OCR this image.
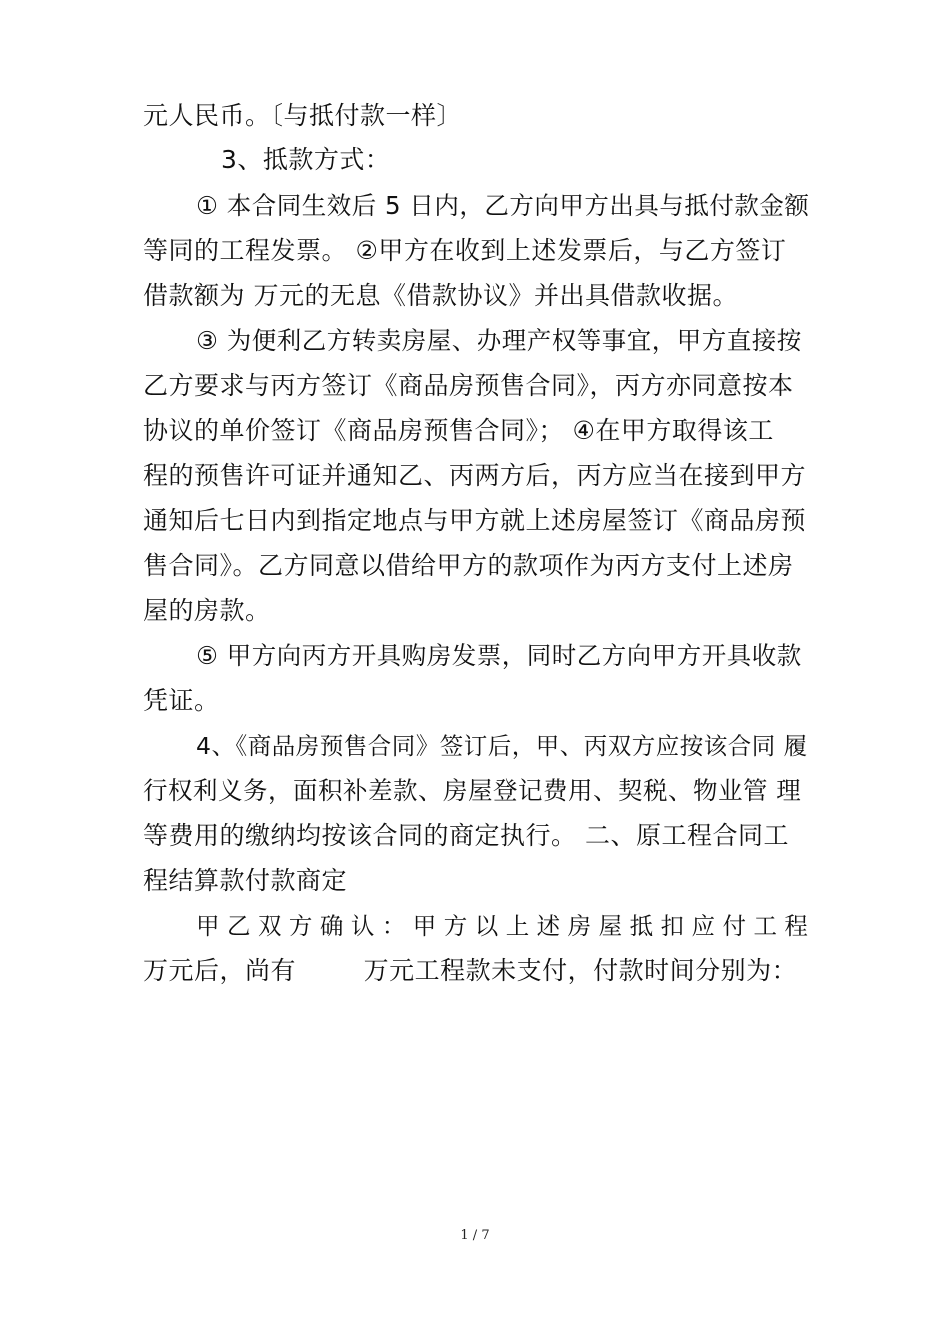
元人民币。〔与抵付款一样〕
3、抵款方式：
① 本合同生效后 5 日内，乙方向甲方出具与抵付款金额
等同的工程发票。 ②甲方在收到上述发票后，与乙方签订
借款额为 万元的无息《借款协议》并出具借款收据。
③ 为便利乙方转卖房屋、办理产权等事宜，甲方直接按
乙方要求与丙方签订《商品房预售合同》，丙方亦同意按本
协议的单价签订《商品房预售合同》； ④在甲方取得该工
程的预售许可证并通知乙、丙两方后，丙方应当在接到甲方
通知后七日内到指定地点与甲方就上述房屋签订《商品房预
售合同》。乙方同意以借给甲方的款项作为丙方支付上述房
屋的房款。
⑤ 甲方向丙方开具购房发票，同时乙方向甲方开具收款
凭证。
4、《商品房预售合同》签订后，甲、丙双方应按该合同 履
行权利义务，面积补差款、房屋登记费用、契税、物业管 理
等费用的缴纳均按该合同的商定执行。 二、原工程合同工
程结算款付款商定
甲 乙 双 方 确 认 ： 甲 方 以 上 述 房 屋 抵 扣 应 付 工 程
万元后，尚有        万元工程款未支付，付款时间分别为：
1 / 7
